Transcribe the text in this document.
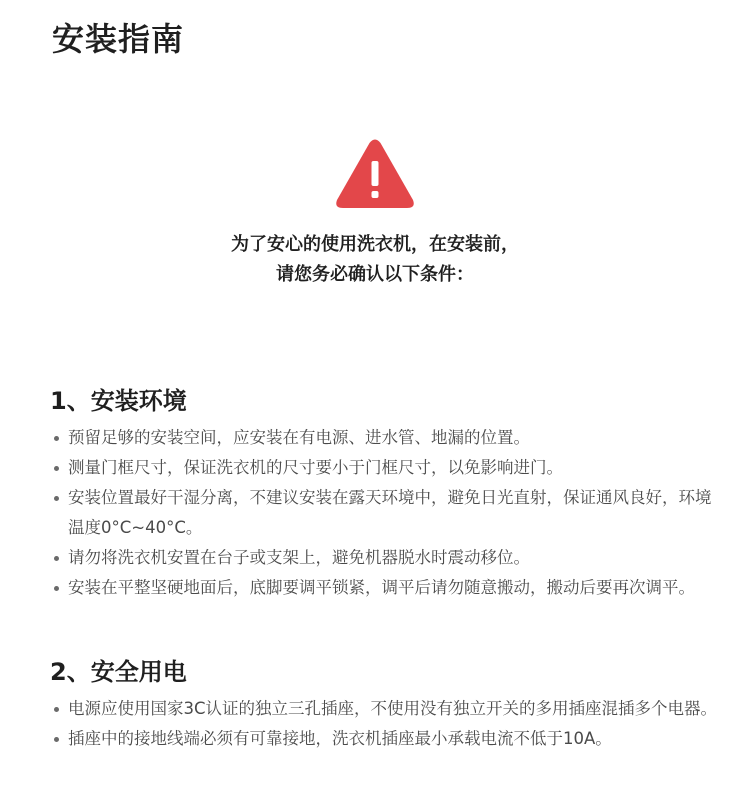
安装指南
为了安心的使用洗衣机，在安装前，
请您务必确认以下条件：
1、安装环境
预留足够的安装空间，应安装在有电源、进水管、地漏的位置。
测量门框尺寸，保证洗衣机的尺寸要小于门框尺寸，以免影响进门。
安装位置最好干湿分离，不建议安装在露天环境中，避免日光直射，保证通风良好，环境温度0°C~40°C。
请勿将洗衣机安置在台子或支架上，避免机器脱水时震动移位。
安装在平整坚硬地面后，底脚要调平锁紧，调平后请勿随意搬动，搬动后要再次调平。
2、安全用电
电源应使用国家3C认证的独立三孔插座，不使用没有独立开关的多用插座混插多个电器。
插座中的接地线端必须有可靠接地，洗衣机插座最小承载电流不低于10A。
